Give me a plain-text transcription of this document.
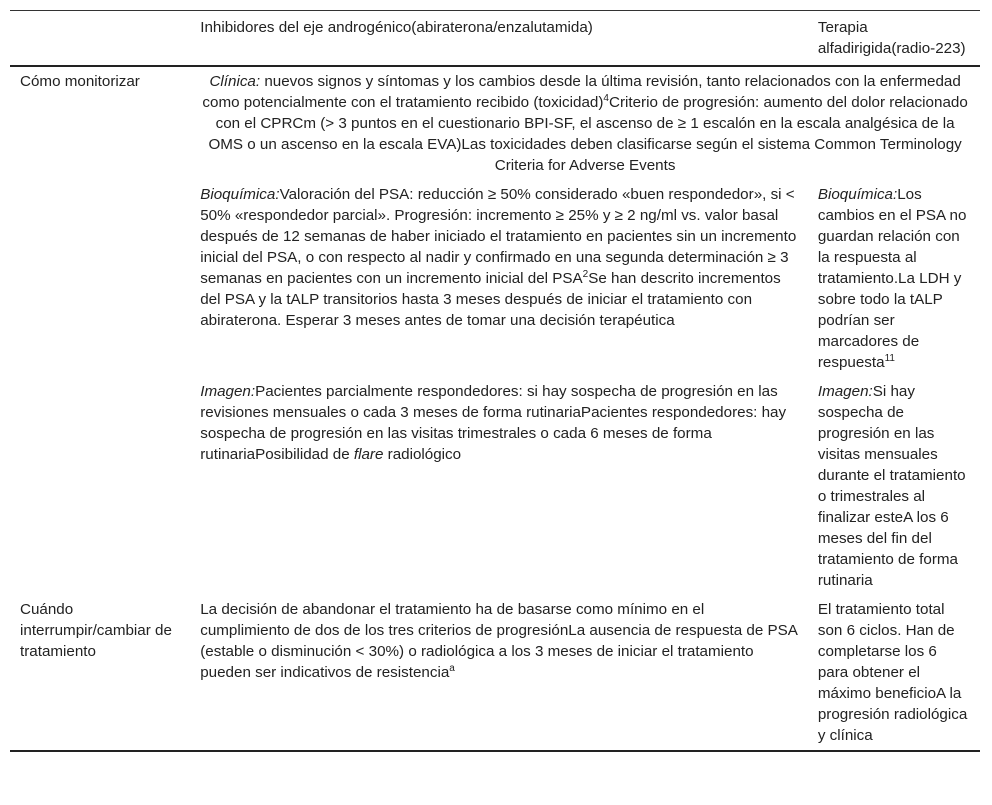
	Inhibidores del eje androgénico(abiraterona/enzalutamida)	Terapia alfadirigida(radio-223)
Cómo monitorizar	Clínica: nuevos signos y síntomas y los cambios desde la última revisión, tanto relacionados con la enfermedad como potencialmente con el tratamiento recibido (toxicidad)$^4$Criterio de progresión: aumento del dolor relacionado con el CPRCm (> 3 puntos en el cuestionario BPI-SF, el ascenso de ≥ 1 escalón en la escala analgésica de la OMS o un ascenso en la escala EVA)Las toxicidades deben clasificarse según el sistema Common Terminology Criteria for Adverse Events	
	Bioquímica:Valoración del PSA: reducción ≥ 50% considerado «buen respondedor», si < 50% «respondedor parcial». Progresión: incremento ≥ 25% y ≥ 2 ng/ml vs. valor basal después de 12 semanas de haber iniciado el tratamiento en pacientes sin un incremento inicial del PSA, o con respecto al nadir y confirmado en una segunda determinación ≥ 3 semanas en pacientes con un incremento inicial del PSA$^2$Se han descrito incrementos del PSA y la tALP transitorios hasta 3 meses después de iniciar el tratamiento con abiraterona. Esperar 3 meses antes de tomar una decisión terapéutica	Bioquímica:Los cambios en el PSA no guardan relación con la respuesta al tratamiento.La LDH y sobre todo la tALP podrían ser marcadores de respuesta$^{11}$
	Imagen:Pacientes parcialmente respondedores: si hay sospecha de progresión en las revisiones mensuales o cada 3 meses de forma rutinariaPacientes respondedores: hay sospecha de progresión en las visitas trimestrales o cada 6 meses de forma rutinariaPosibilidad de flare radiológico	Imagen:Si hay sospecha de progresión en las visitas mensuales durante el tratamiento o trimestrales al finalizar esteA los 6 meses del fin del tratamiento de forma rutinaria
Cuándo interrumpir/cambiar de tratamiento	La decisión de abandonar el tratamiento ha de basarse como mínimo en el cumplimiento de dos de los tres criterios de progresiónLa ausencia de respuesta de PSA (estable o disminución < 30%) o radiológica a los 3 meses de iniciar el tratamiento pueden ser indicativos de resistencia$^a$	El tratamiento total son 6 ciclos. Han de completarse los 6 para obtener el máximo beneficioA la progresión radiológica y clínica
